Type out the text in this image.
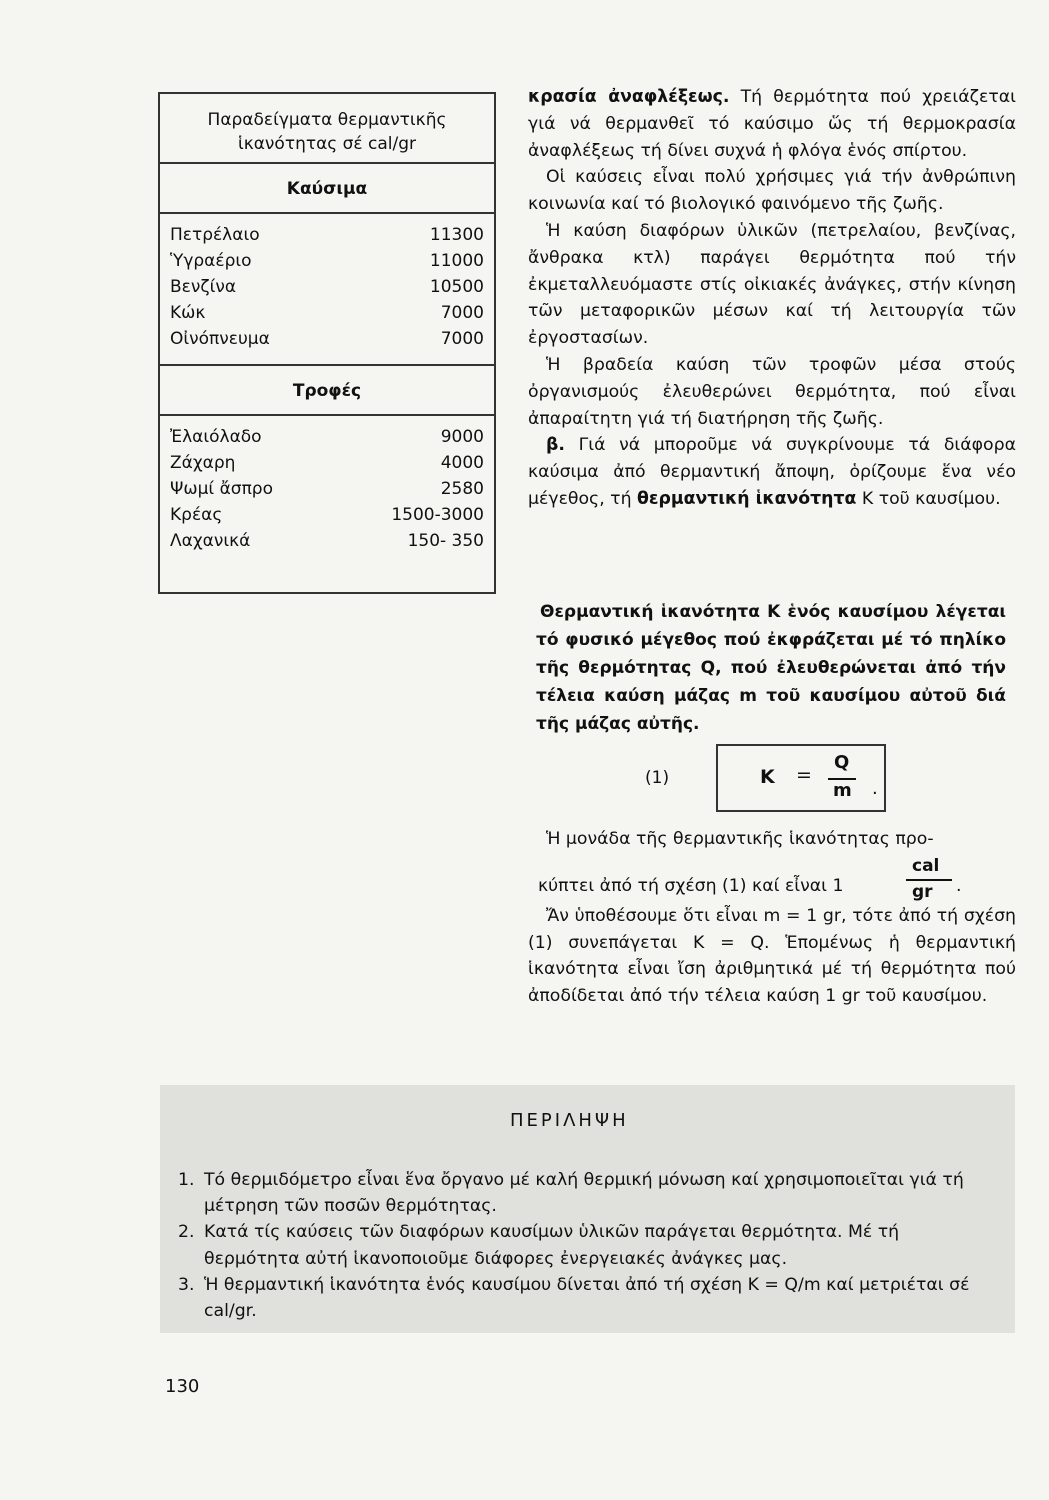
Παραδείγματα θερμαντικῆς
ἱκανότητας σέ cal/gr
Καύσιμα
Πετρέλαιο	11300
Ὑγραέριο	11000
Βενζίνα	10500
Κώκ	7000
Οἰνόπνευμα	7000
Τροφές
Ἐλαιόλαδο	9000
Ζάχαρη	4000
Ψωμί ἄσπρο	2580
Κρέας	1500-3000
Λαχανικά	150- 350

κρασία ἀναφλέξεως. Τή θερμότητα πού χρειάζεται γιά νά θερμανθεῖ τό καύσιμο ὥς τή θερμοκρασία ἀναφλέξεως τή δίνει συχνά ἡ φλόγα ἑνός σπίρτου.

Οἱ καύσεις εἶναι πολύ χρήσιμες γιά τήν ἀνθρώπινη κοινωνία καί τό βιολογικό φαινόμενο τῆς ζωῆς.

Ἡ καύση διαφόρων ὑλικῶν (πετρελαίου, βενζίνας, ἄνθρακα κτλ) παράγει θερμότητα πού τήν ἐκμεταλλευόμαστε στίς οἰκιακές ἀνάγκες, στήν κίνηση τῶν μεταφορικῶν μέσων καί τή λειτουργία τῶν ἐργοστασίων.

Ἡ βραδεία καύση τῶν τροφῶν μέσα στούς ὀργανισμούς ἐλευθερώνει θερμότητα, πού εἶναι ἀπαραίτητη γιά τή διατήρηση τῆς ζωῆς.

β. Γιά νά μποροῦμε νά συγκρίνουμε τά διάφορα καύσιμα ἀπό θερμαντική ἄποψη, ὁρίζουμε ἕνα νέο μέγεθος, τή θερμαντική ἱκανότητα K τοῦ καυσίμου.

Θερμαντική ἱκανότητα K ἑνός καυσίμου λέγεται τό φυσικό μέγεθος πού ἐκφράζεται μέ τό πηλίκο τῆς θερμότητας Q, πού ἐλευθερώνεται ἀπό τήν τέλεια καύση μάζας m τοῦ καυσίμου αὐτοῦ διά τῆς μάζας αὐτῆς.
(1)	K =
Q
m .

Ἡ μονάδα τῆς θερμαντικῆς ἱκανότητας προ-

κύπτει ἀπό τή σχέση (1) καί εἶναι 1
cal
gr .

Ἄν ὑποθέσουμε ὅτι εἶναι m = 1 gr, τότε ἀπό τή σχέση (1) συνεπάγεται K = Q. Ἑπομένως ἡ θερμαντική ἱκανότητα εἶναι ἴση ἀριθμητικά μέ τή θερμότητα πού ἀποδίδεται ἀπό τήν τέλεια καύση 1 gr τοῦ καυσίμου.

ΠΕΡΙΛΗΨΗ
1. Τό θερμιδόμετρο εἶναι ἕνα ὄργανο μέ καλή θερμική μόνωση καί χρησιμοποιεῖται γιά τή μέτρηση τῶν ποσῶν θερμότητας.
2. Κατά τίς καύσεις τῶν διαφόρων καυσίμων ὑλικῶν παράγεται θερμότητα. Μέ τή θερμότητα αὐτή ἱκανοποιοῦμε διάφορες ἐνεργειακές ἀνάγκες μας.
3. Ἡ θερμαντική ἱκανότητα ἑνός καυσίμου δίνεται ἀπό τή σχέση K = Q/m καί μετριέται σέ cal/gr.
130
